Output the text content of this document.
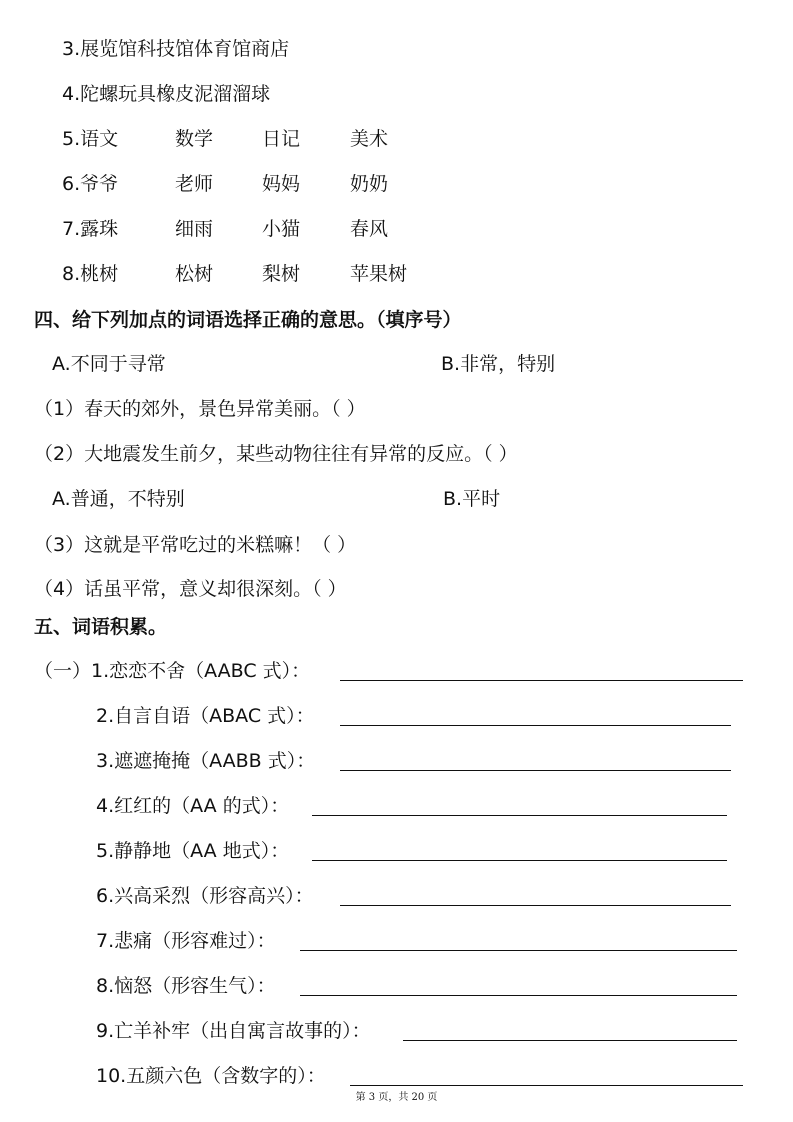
3.展览馆科技馆体育馆商店
4.陀螺玩具橡皮泥溜溜球
5.语文	数学	日记	美术
6.爷爷	老师	妈妈	奶奶
7.露珠	细雨	小猫	春风
8.桃树	松树	梨树	苹果树
四、给下列加点的词语选择正确的意思。（填序号）
A.不同于寻常	B.非常，特别
（1）春天的郊外，景色异常美丽。（ ）
（2）大地震发生前夕，某些动物往往有异常的反应。（ ）
A.普通，不特别	B.平时
（3）这就是平常吃过的米糕嘛！（ ）
（4）话虽平常，意义却很深刻。（ ）
五、词语积累。
（一）1.恋恋不舍（AABC 式）：
2.自言自语（ABAC 式）：
3.遮遮掩掩（AABB 式）：
4.红红的（AA 的式）：
5.静静地（AA 地式）：
6.兴高采烈（形容高兴）：
7.悲痛（形容难过）：
8.恼怒（形容生气）：
9.亡羊补牢（出自寓言故事的）：
10.五颜六色（含数字的）：
第 3 页，共 20 页
